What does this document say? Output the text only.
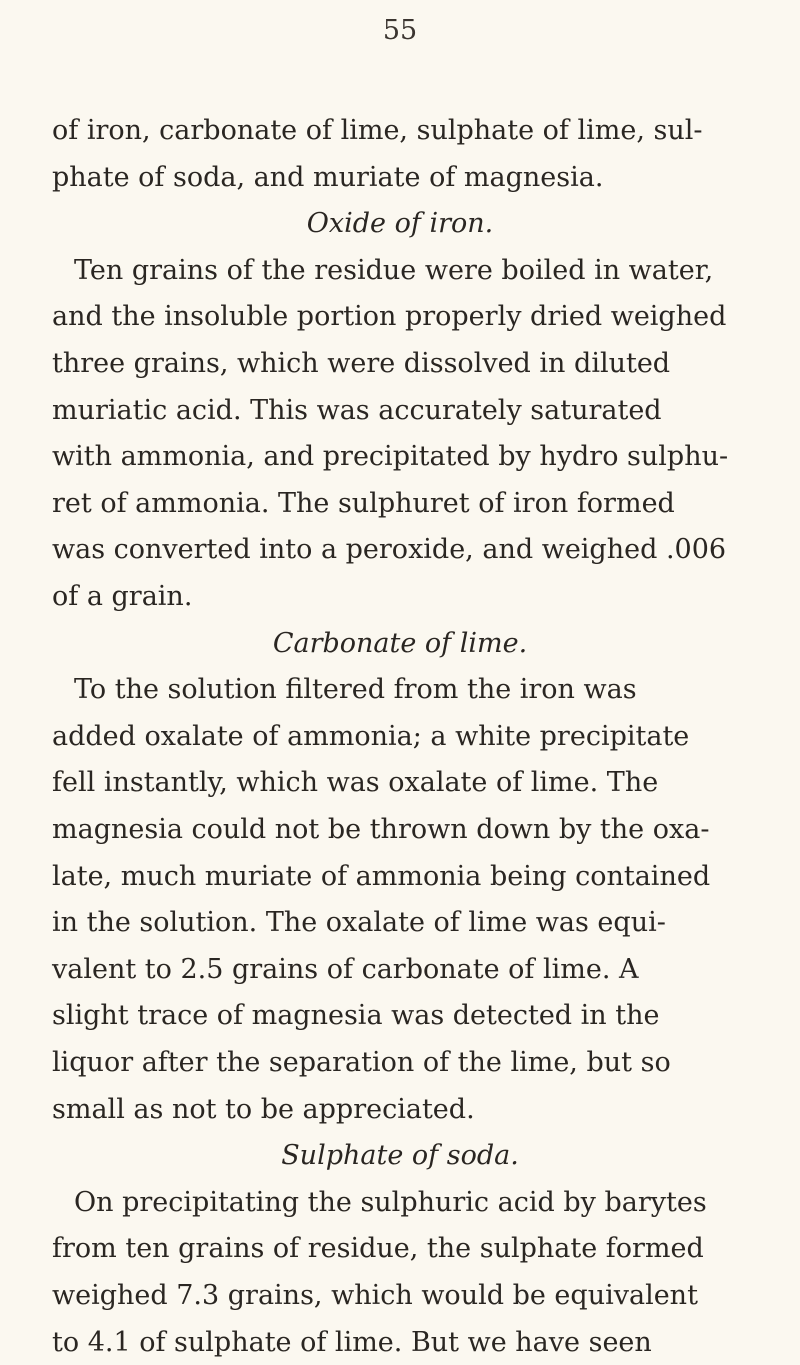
55
of iron, carbonate of lime, sulphate of lime, sul-
phate of soda, and muriate of magnesia.
Oxide of iron.
Ten grains of the residue were boiled in water,
and the insoluble portion properly dried weighed
three grains, which were dissolved in diluted
muriatic acid. This was accurately saturated
with ammonia, and precipitated by hydro sulphu-
ret of ammonia. The sulphuret of iron formed
was converted into a peroxide, and weighed .006
of a grain.
Carbonate of lime.
To the solution filtered from the iron was
added oxalate of ammonia; a white precipitate
fell instantly, which was oxalate of lime. The
magnesia could not be thrown down by the oxa-
late, much muriate of ammonia being contained
in the solution. The oxalate of lime was equi-
valent to 2.5 grains of carbonate of lime. A
slight trace of magnesia was detected in the
liquor after the separation of the lime, but so
small as not to be appreciated.
Sulphate of soda.
On precipitating the sulphuric acid by barytes
from ten grains of residue, the sulphate formed
weighed 7.3 grains, which would be equivalent
to 4.1 of sulphate of lime. But we have seen
